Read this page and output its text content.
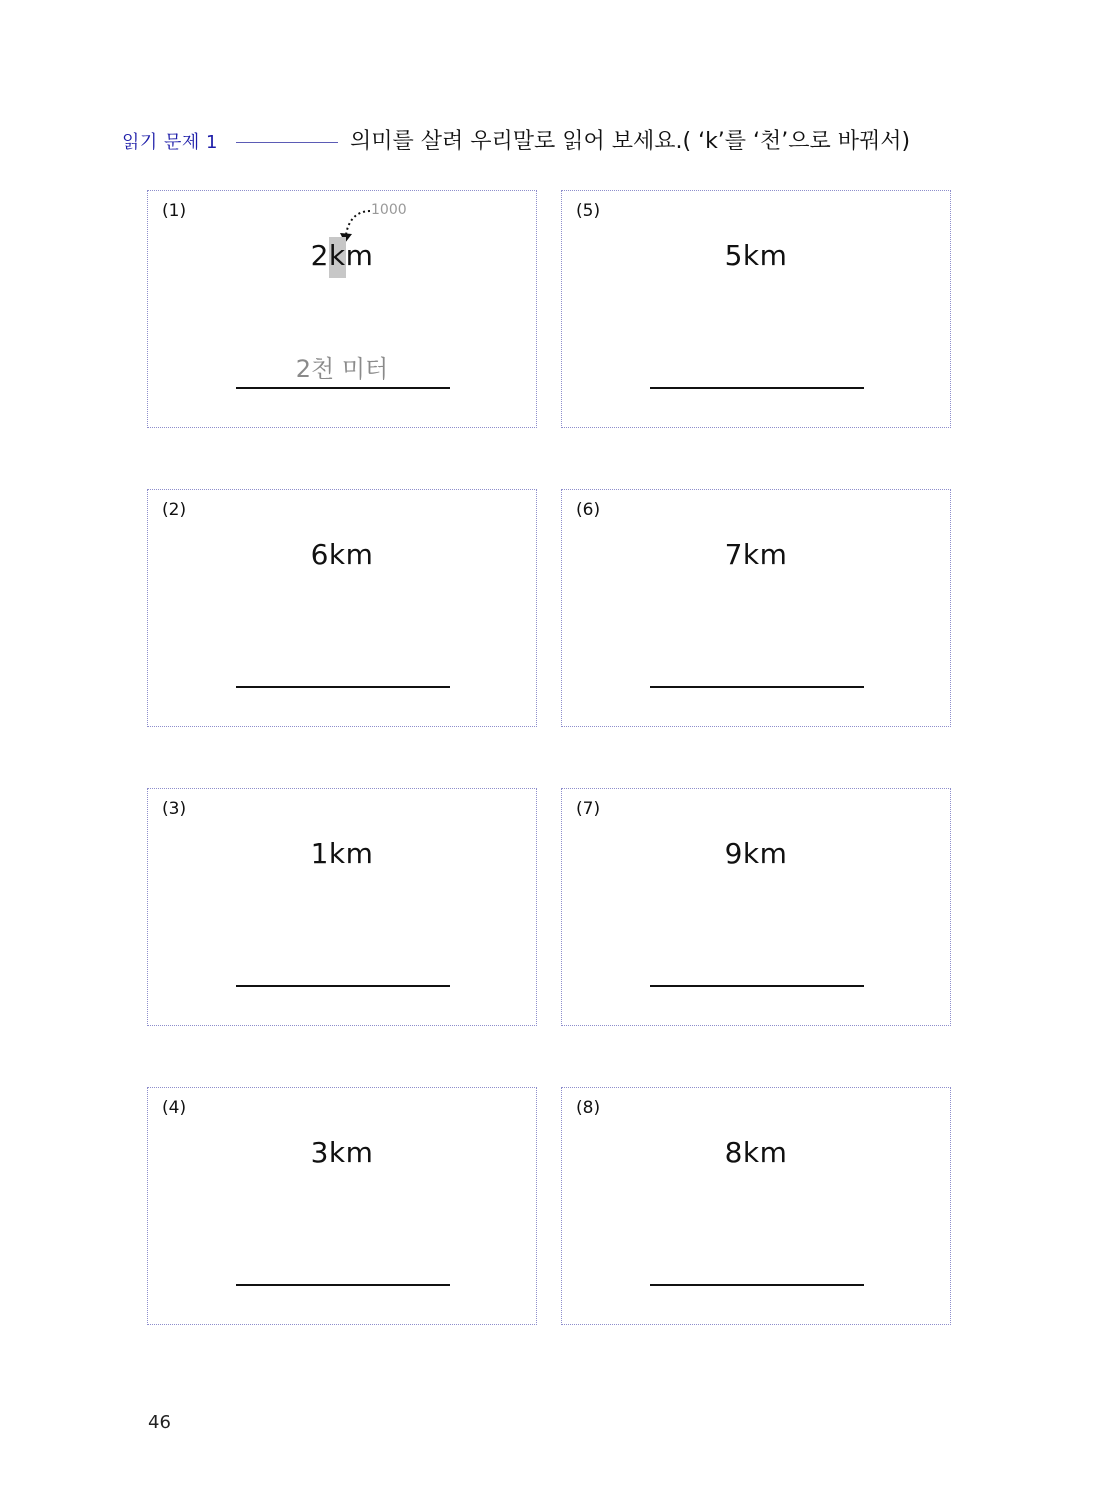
읽기 문제 1	의미를 살려 우리말로 읽어 보세요.( ‘k’를 ‘천’으로 바꿔서)
(1)	1000
2km
2천 미터
(5)
5km
(2)
6km
(6)
7km
(3)
1km
(7)
9km
(4)
3km
(8)
8km
46
